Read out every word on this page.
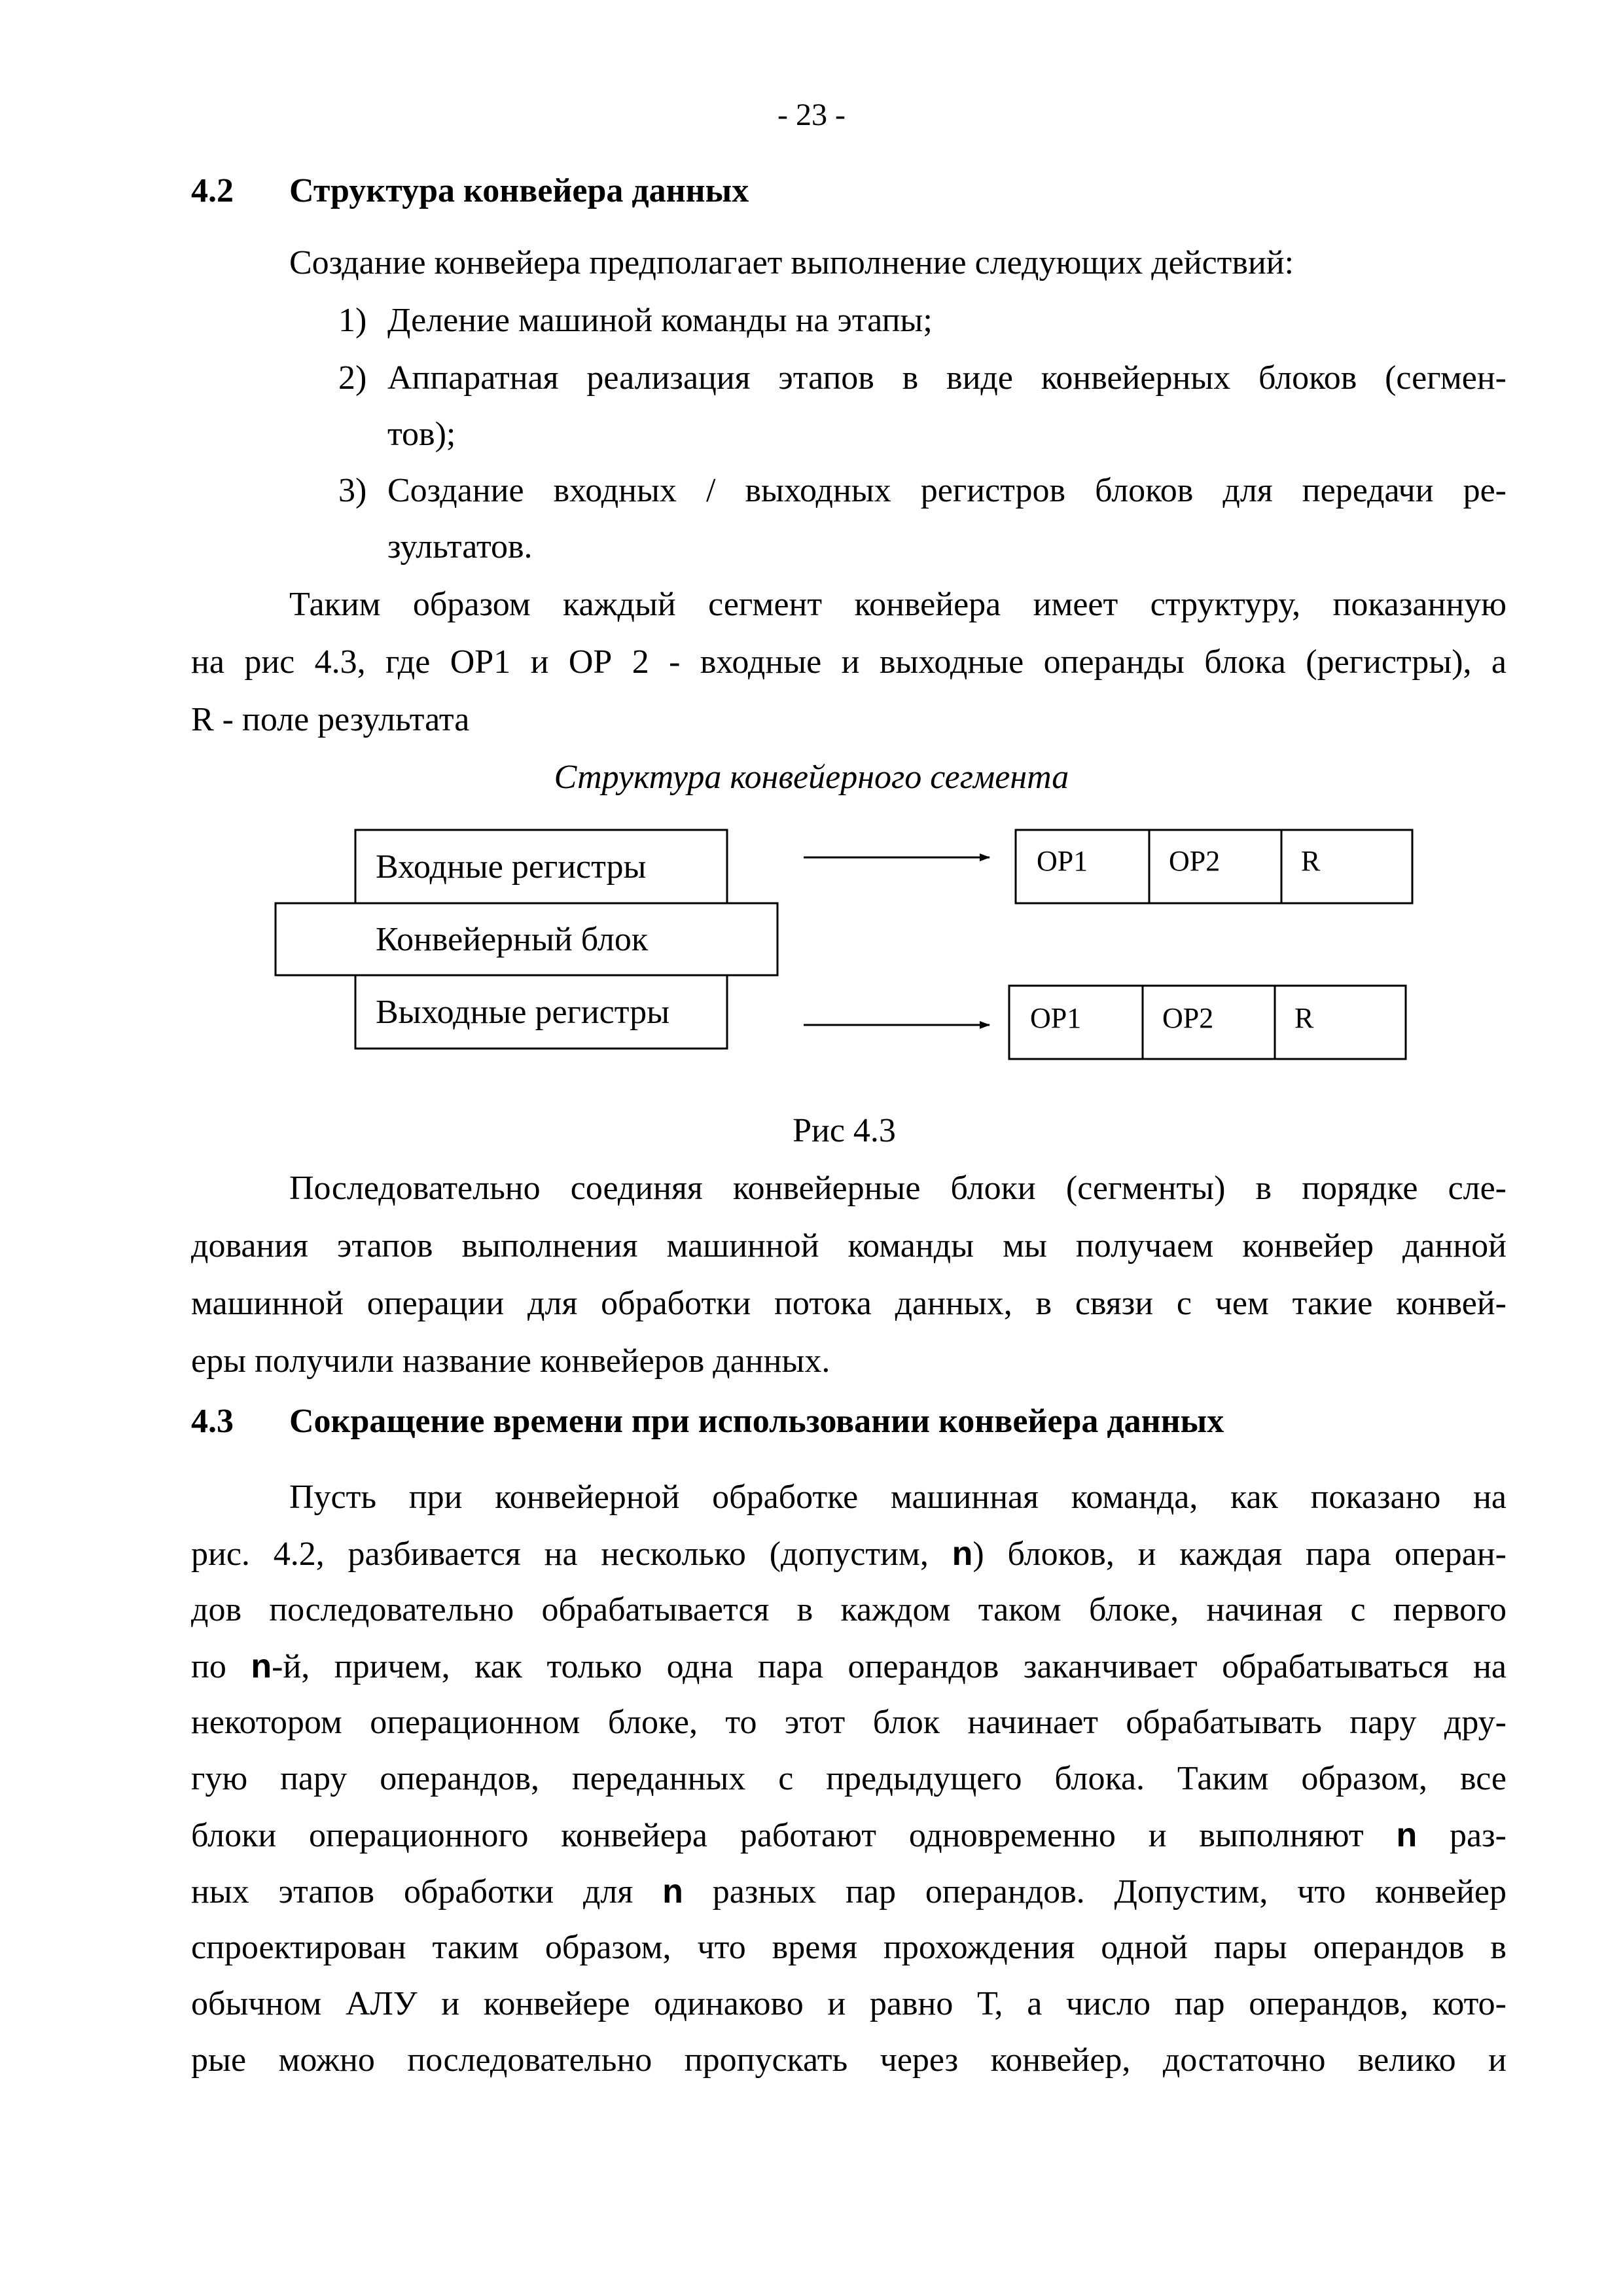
- 23 -
4.2 Структура конвейера данных
Создание конвейера предполагает выполнение следующих действий:
1) Деление машиной команды на этапы;
2) Аппаратная реализация этапов в виде конвейерных блоков (сегмен-
тов);
3) Создание входных / выходных регистров блоков для передачи ре-
зультатов.
Таким образом каждый сегмент конвейера имеет структуру, показанную
на рис 4.3, где ОР1 и ОР 2 - входные и выходные операнды блока (регистры), а
R - поле результата
Структура конвейерного сегмента
Входные регистры
Конвейерный блок
Выходные регистры
OP1	OP2	R
OP1	OP2	R
Рис 4.3
Последовательно соединяя конвейерные блоки (сегменты) в порядке сле-
дования этапов выполнения машинной команды мы получаем конвейер данной
машинной операции для обработки потока данных, в связи с чем такие конвей-
еры получили название конвейеров данных.
4.3 Сокращение времени при использовании конвейера данных
Пусть при конвейерной обработке машинная команда, как показано на
рис. 4.2, разбивается на несколько (допустим, n) блоков, и каждая пара операн-
дов последовательно обрабатывается в каждом таком блоке, начиная с первого
по n-й, причем, как только одна пара операндов заканчивает обрабатываться на
некотором операционном блоке, то этот блок начинает обрабатывать пару дру-
гую пару операндов, переданных с предыдущего блока. Таким образом, все
блоки операционного конвейера работают одновременно и выполняют n раз-
ных этапов обработки для n разных пар операндов. Допустим, что конвейер
спроектирован таким образом, что время прохождения одной пары операндов в
обычном АЛУ и конвейере одинаково и равно Т, а число пар операндов, кото-
рые можно последовательно пропускать через конвейер, достаточно велико и
